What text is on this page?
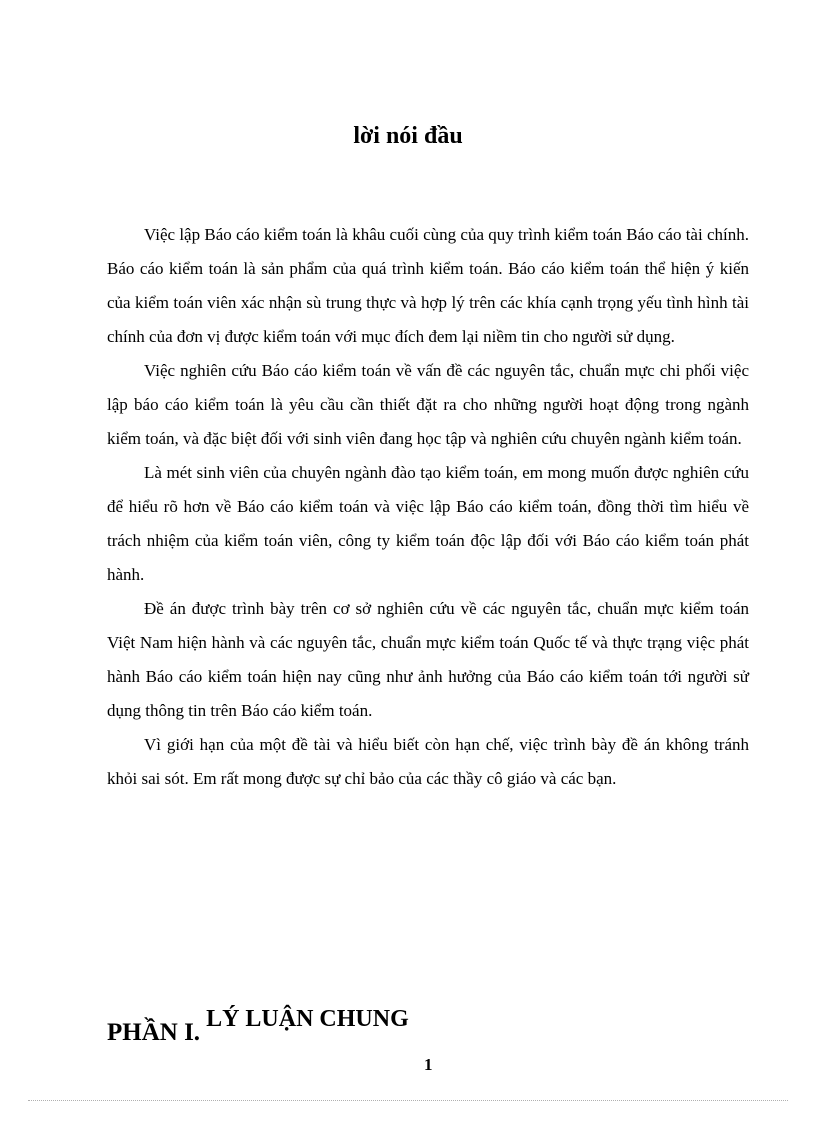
lời nói đầu

Việc lập Báo cáo kiểm toán là khâu cuối cùng của quy trình kiểm toán Báo cáo tài chính. Báo cáo kiểm toán là sản phẩm của quá trình kiểm toán. Báo cáo kiểm toán thể hiện ý kiến của kiểm toán viên xác nhận sù trung thực và hợp lý trên các khía cạnh trọng yếu tình hình tài chính của đơn vị được kiểm toán với mục đích đem lại niềm tin cho người sử dụng.

Việc nghiên cứu Báo cáo kiểm toán về vấn đề các nguyên tắc, chuẩn mực chi phối việc lập báo cáo kiểm toán là yêu cầu cần thiết đặt ra cho những người hoạt động trong ngành kiểm toán, và đặc biệt đối với sinh viên đang học tập và nghiên cứu chuyên ngành kiểm toán.

Là mét sinh viên của chuyên ngành đào tạo kiểm toán, em mong muốn được nghiên cứu để hiểu rõ hơn về Báo cáo kiểm toán và việc lập Báo cáo kiểm toán, đồng thời tìm hiểu về trách nhiệm của kiểm toán viên, công ty kiểm toán độc lập đối với Báo cáo kiểm toán phát hành.

Đề án được trình bày trên cơ sở nghiên cứu về các nguyên tắc, chuẩn mực kiểm toán Việt Nam hiện hành và các nguyên tắc, chuẩn mực kiểm toán Quốc tế và thực trạng việc phát hành Báo cáo kiểm toán hiện nay cũng như ảnh hưởng của Báo cáo kiểm toán tới người sử dụng thông tin trên Báo cáo kiểm toán.

Vì giới hạn của một đề tài và hiểu biết còn hạn chế, việc trình bày đề án không tránh khỏi sai sót. Em rất mong được sự chỉ bảo của các thầy cô giáo và các bạn.

PHẦN I. LÝ LUẬN CHUNG
1
